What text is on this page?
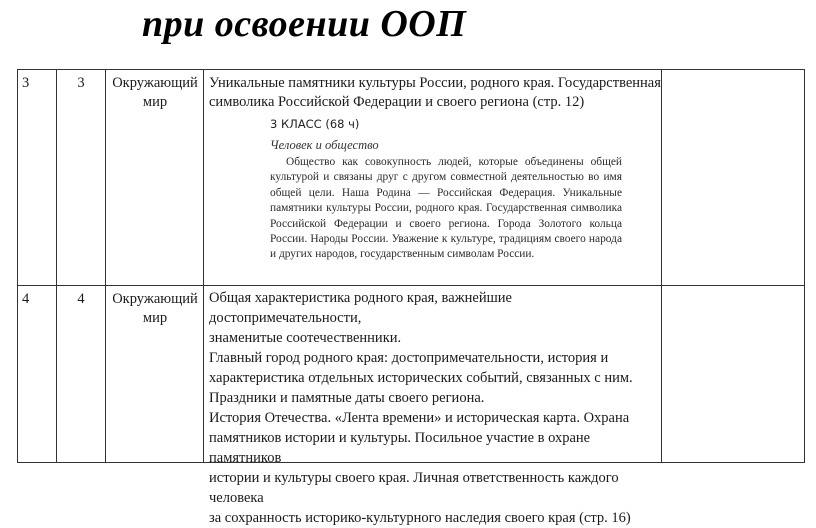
при освоении ООП
3	3	Окружающий
мир

Уникальные памятники культуры России, родного края. Государственная

символика Российской Федерации и своего региона (стр. 12)

3 КЛАСС (68 ч)
Человек и общество

Общество как совокупность людей, которые объединены общей культурой и связаны друг с другом совместной деятельностью во имя общей цели. Наша Родина — Российская Федерация. Уникальные памятники культуры России, родного края. Государственная символика Российской Федерации и своего региона. Города Золотого кольца России. Народы России. Уважение к культуре, традициям своего народа и других народов, государственным символам России.

4	4	Окружающий
мир

Общая характеристика родного края, важнейшие достопримечательности,

знаменитые соотечественники.

Главный город родного края: достопримечательности, история и

характеристика отдельных исторических событий, связанных с ним.

Праздники и памятные даты своего региона.

История Отечества. «Лента времени» и историческая карта. Охрана

памятников истории и культуры. Посильное участие в охране памятников

истории и культуры своего края. Личная ответственность каждого человека

за сохранность историко-культурного наследия своего края (стр. 16)
